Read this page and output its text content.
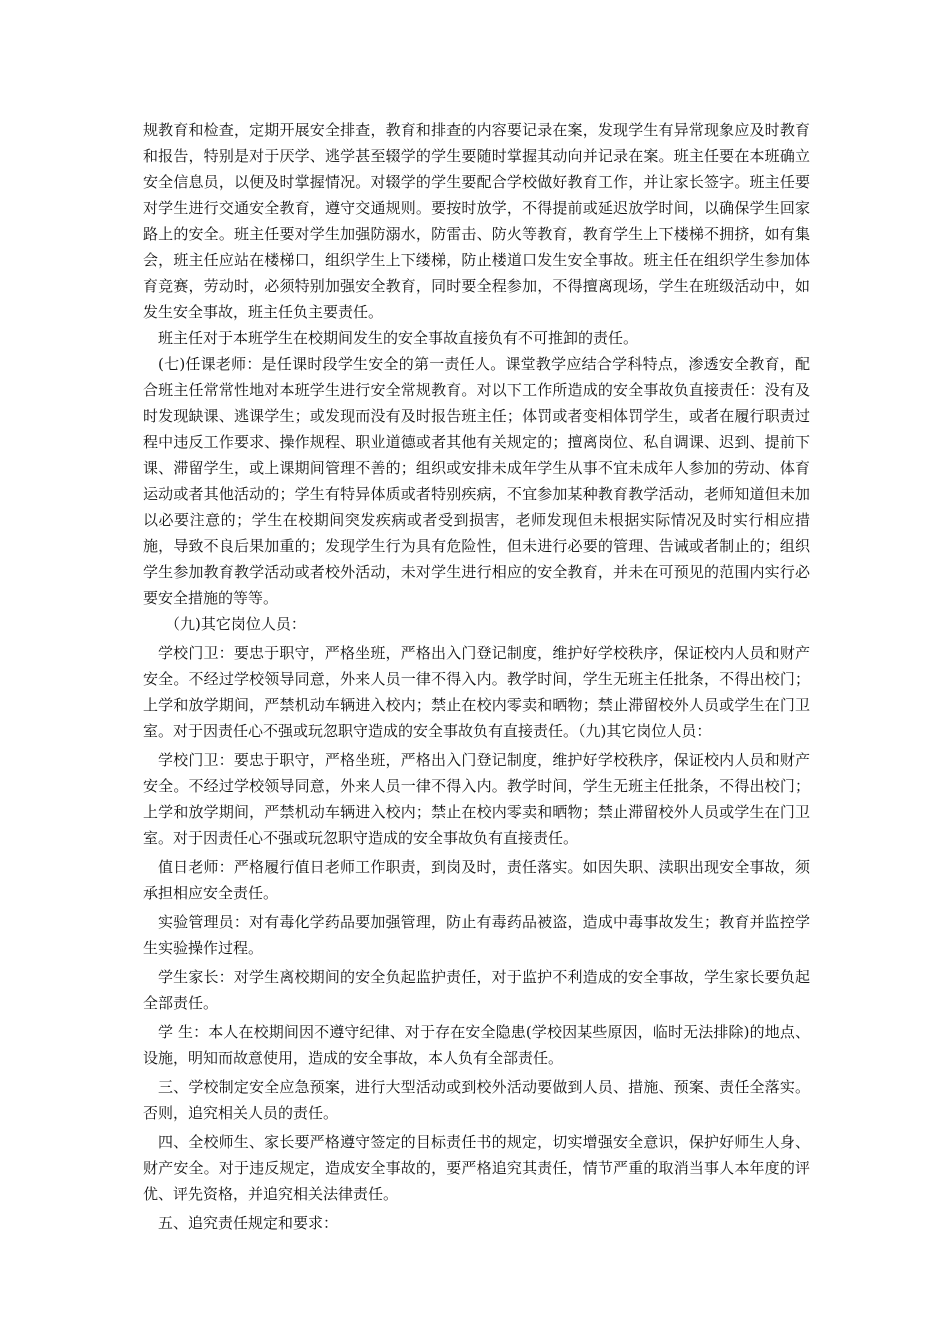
规教育和检查，定期开展安全排查，教育和排查的内容要记录在案，发现学生有异常现象应及时教育和报告，特别是对于厌学、逃学甚至辍学的学生要随时掌握其动向并记录在案。班主任要在本班确立安全信息员，以便及时掌握情况。对辍学的学生要配合学校做好教育工作，并让家长签字。班主任要对学生进行交通安全教育，遵守交通规则。要按时放学，不得提前或延迟放学时间，以确保学生回家路上的安全。班主任要对学生加强防溺水，防雷击、防火等教育，教育学生上下楼梯不拥挤，如有集会，班主任应站在楼梯口，组织学生上下缕梯，防止楼道口发生安全事故。班主任在组织学生参加体育竞赛，劳动时，必须特别加强安全教育，同时要全程参加，不得擅离现场，学生在班级活动中，如发生安全事故，班主任负主要责任。

班主任对于本班学生在校期间发生的安全事故直接负有不可推卸的责任。

(七)任课老师：是任课时段学生安全的第一责任人。课堂教学应结合学科特点，渗透安全教育，配合班主任常常性地对本班学生进行安全常规教育。对以下工作所造成的安全事故负直接责任：没有及时发现缺课、逃课学生；或发现而没有及时报告班主任；体罚或者变相体罚学生，或者在履行职责过程中违反工作要求、操作规程、职业道德或者其他有关规定的；擅离岗位、私自调课、迟到、提前下课、滞留学生，或上课期间管理不善的；组织或安排未成年学生从事不宜未成年人参加的劳动、体育运动或者其他活动的；学生有特异体质或者特别疾病，不宜参加某种教育教学活动，老师知道但未加以必要注意的；学生在校期间突发疾病或者受到损害，老师发现但未根据实际情况及时实行相应措施，导致不良后果加重的；发现学生行为具有危险性，但未进行必要的管理、告诫或者制止的；组织学生参加教育教学活动或者校外活动，未对学生进行相应的安全教育，并未在可预见的范围内实行必要安全措施的等等。

（九)其它岗位人员：

学校门卫：要忠于职守，严格坐班，严格出入门登记制度，维护好学校秩序，保证校内人员和财产安全。不经过学校领导同意，外来人员一律不得入内。教学时间，学生无班主任批条，不得出校门；上学和放学期间，严禁机动车辆进入校内；禁止在校内零卖和晒物；禁止滞留校外人员或学生在门卫室。对于因责任心不强或玩忽职守造成的安全事故负有直接责任。（九)其它岗位人员：

学校门卫：要忠于职守，严格坐班，严格出入门登记制度，维护好学校秩序，保证校内人员和财产安全。不经过学校领导同意，外来人员一律不得入内。教学时间，学生无班主任批条，不得出校门；上学和放学期间，严禁机动车辆进入校内；禁止在校内零卖和晒物；禁止滞留校外人员或学生在门卫室。对于因责任心不强或玩忽职守造成的安全事故负有直接责任。

值日老师：严格履行值日老师工作职责，到岗及时，责任落实。如因失职、渎职出现安全事故，须承担相应安全责任。

实验管理员：对有毒化学药品要加强管理，防止有毒药品被盗，造成中毒事故发生；教育并监控学生实验操作过程。

学生家长：对学生离校期间的安全负起监护责任，对于监护不利造成的安全事故，学生家长要负起全部责任。

学 生：本人在校期间因不遵守纪律、对于存在安全隐患(学校因某些原因，临时无法排除)的地点、设施，明知而故意使用，造成的安全事故，本人负有全部责任。

三、学校制定安全应急预案，进行大型活动或到校外活动要做到人员、措施、预案、责任全落实。否则，追究相关人员的责任。

四、全校师生、家长要严格遵守签定的目标责任书的规定，切实增强安全意识，保护好师生人身、财产安全。对于违反规定，造成安全事故的，要严格追究其责任，情节严重的取消当事人本年度的评优、评先资格，并追究相关法律责任。

五、追究责任规定和要求：
